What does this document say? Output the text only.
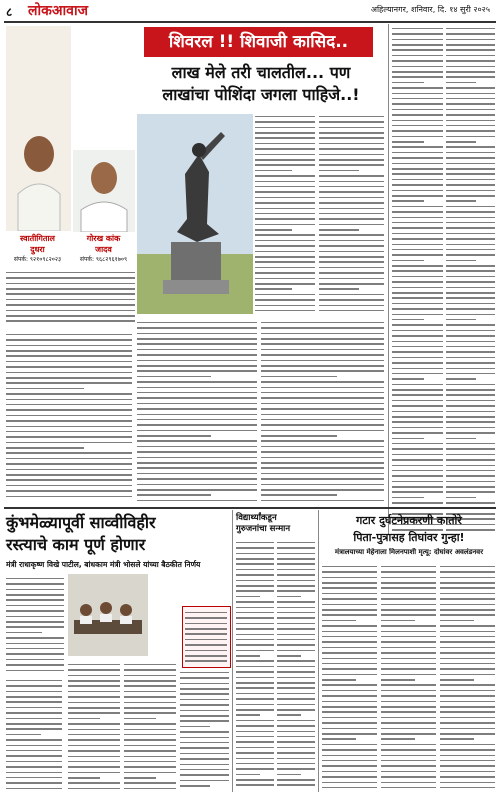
८ लोकआवाज	अहिल्यानगर, शनिवार, दि. १४ सुरी २०२५
शिवरल !! शिवाजी कासिद..
लाख मेले तरी चालतील... पण
लाखांचा पोशिंदा जगला पाहिजे..!
स्वातीगिताल
दुधरा
संपर्क: ९२१०९८२०२३
गोरख कांक
जादव
संपर्क: ९६८२९६१७०९
कुंभमेळ्यापूर्वी साव्वीविहीर
रस्त्याचे काम पूर्ण होणार
मंत्री राधाकृष्ण विखे पाटील, बांधकाम मंत्री भोसले यांच्या बैठकीत निर्णय
विद्यार्थ्यांकडून
गुरुजनांचा सन्मान
गटार दुर्घटनेप्रकरणी कातोरे
पिता-पुत्रासह तिघांवर गुन्हा!
मंत्रालयाच्या मेहेनाला मिलनपाशी मृत्यू: दोघांवर अवलंडनवर
